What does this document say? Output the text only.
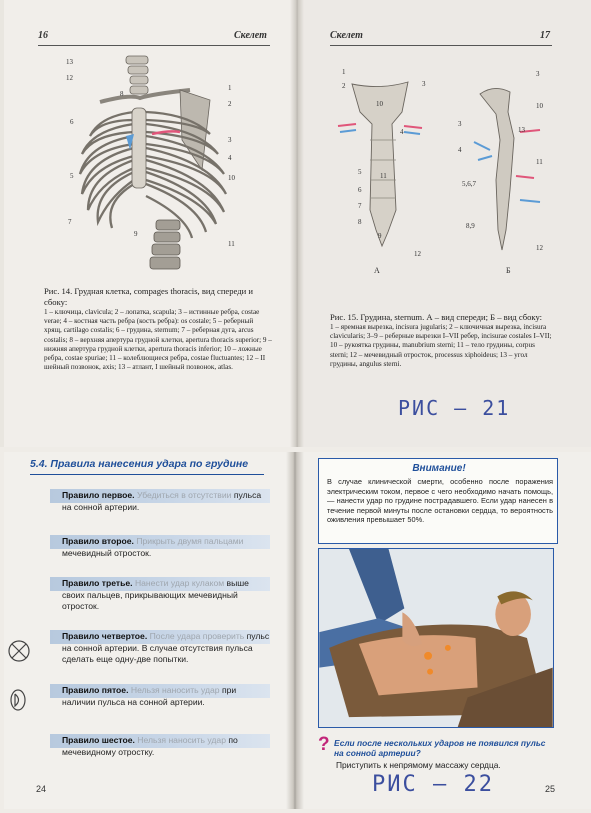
16	Скелет
13
12
8
6
5
7
9
1
2
3
4
10
11
Рис. 14. Грудная клетка, compages thoracis, вид спереди и сбоку:
1 – ключица, clavicula; 2 – лопатка, scapula; 3 – истинные ребра, costae verae; 4 – костная часть ребра (кость ребра): os costale; 5 – реберный хрящ, cartilago costalis; 6 – грудина, sternum; 7 – реберная дуга, arcus costalis; 8 – верхняя апертура грудной клетки, apertura thoracis superior; 9 – нижняя апертура грудной клетки, apertura thoracis inferior; 10 – ложные ребра, costae spuriae; 11 – колеблющиеся ребра, costae fluctuantes; 12 – II шейный позвонок, axis; 13 – атлант, I шейный позвонок, atlas.
Скелет	17
1
2	3
10
4
5
6
7
8
9
11
12
А
3
10
3
13
4
11
5,6,7
8,9
12
Б
Рис. 15. Грудина, sternum. А – вид спереди; Б – вид сбоку:
1 – яремная вырезка, incisura jugularis; 2 – ключичная вырезка, incisura clavicularis; 3–9 – реберные вырезки I–VII ребер, incisurae costales I–VII; 10 – рукоятка грудины, manubrium sterni; 11 – тело грудины, corpus sterni; 12 – мечевидный отросток, processus xiphoideus; 13 – угол грудины, angulus sterni.
РИС – 21
5.4. Правила нанесения удара по грудине
Правило первое. Убедиться в отсутствии пульса на сонной артерии.
Правило второе. Прикрыть двумя пальцами мечевидный отросток.
Правило третье. Нанести удар кулаком выше своих пальцев, прикрывающих мечевидный отросток.
Правило четвертое. После удара проверить пульс на сонной артерии. В случае отсутствия пульса сделать еще одну-две попытки.
Правило пятое. Нельзя наносить удар при наличии пульса на сонной артерии.
Правило шестое. Нельзя наносить удар по мечевидному отростку.
24
Внимание!
В случае клинической смерти, особенно после поражения электрическим током, первое с чего необходимо начать помощь, — нанести удар по грудине пострадавшего. Если удар нанесен в течение первой минуты после остановки сердца, то вероятность оживления превышает 50%.
? Если после нескольких ударов не появился пульс на сонной артерии?
Приступить к непрямому массажу сердца.
РИС – 22	25
